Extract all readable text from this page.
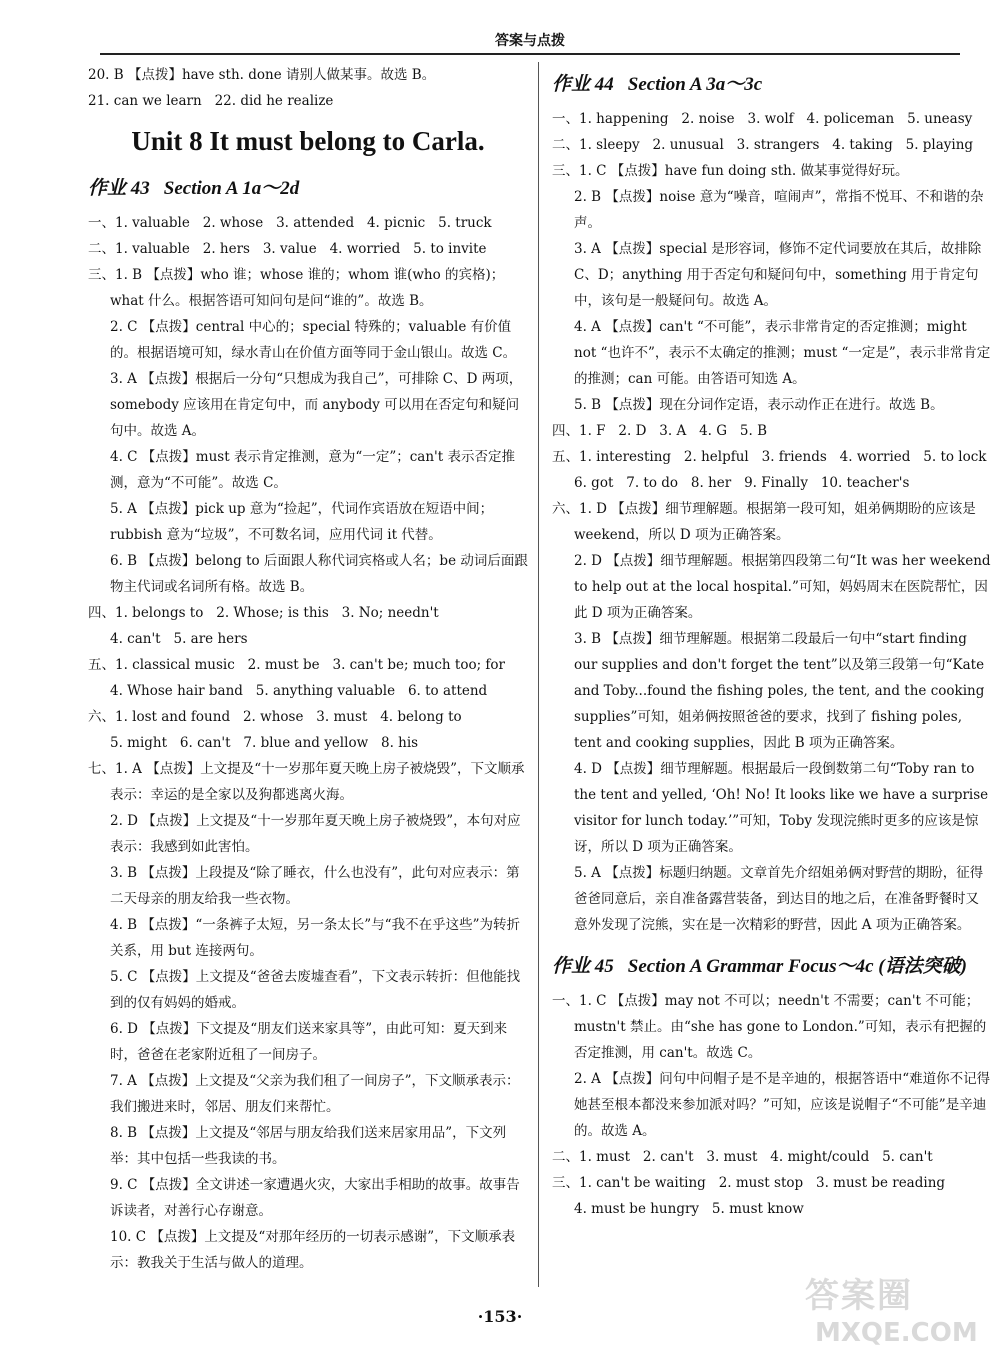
答案与点拨
20. B 【点拨】have sth. done 请别人做某事。故选 B。
21. can we learn   22. did he realize
Unit 8 It must belong to Carla.
作业 43 Section A 1a～2d
一、1. valuable   2. whose   3. attended   4. picnic   5. truck
二、1. valuable   2. hers   3. value   4. worried   5. to invite
三、1. B 【点拨】who 谁；whose 谁的；whom 谁(who 的宾格)；what 什么。根据答语可知问句是问“谁的”。故选 B。
2. C 【点拨】central 中心的；special 特殊的；valuable 有价值的。根据语境可知，绿水青山在价值方面等同于金山银山。故选 C。
3. A 【点拨】根据后一分句“只想成为我自己”，可排除 C、D 两项，somebody 应该用在肯定句中，而 anybody 可以用在否定句和疑问句中。故选 A。
4. C 【点拨】must 表示肯定推测，意为“一定”；can't 表示否定推测，意为“不可能”。故选 C。
5. A 【点拨】pick up 意为“捡起”，代词作宾语放在短语中间；rubbish 意为“垃圾”，不可数名词，应用代词 it 代替。
6. B 【点拨】belong to 后面跟人称代词宾格或人名；be 动词后面跟物主代词或名词所有格。故选 B。
四、1. belongs to   2. Whose; is this   3. No; needn't
4. can't   5. are hers
五、1. classical music   2. must be   3. can't be; much too; for
4. Whose hair band   5. anything valuable   6. to attend
六、1. lost and found   2. whose   3. must   4. belong to
5. might   6. can't   7. blue and yellow   8. his
七、1. A 【点拨】上文提及“十一岁那年夏天晚上房子被烧毁”，下文顺承表示：幸运的是全家以及狗都逃离火海。
2. D 【点拨】上文提及“十一岁那年夏天晚上房子被烧毁”，本句对应表示：我感到如此害怕。
3. B 【点拨】上段提及“除了睡衣，什么也没有”，此句对应表示：第二天母亲的朋友给我一些衣物。
4. B 【点拨】“一条裤子太短，另一条太长”与“我不在乎这些”为转折关系，用 but 连接两句。
5. C 【点拨】上文提及“爸爸去废墟查看”，下文表示转折：但他能找到的仅有妈妈的婚戒。
6. D 【点拨】下文提及“朋友们送来家具等”，由此可知：夏天到来时，爸爸在老家附近租了一间房子。
7. A 【点拨】上文提及“父亲为我们租了一间房子”，下文顺承表示：我们搬进来时，邻居、朋友们来帮忙。
8. B 【点拨】上文提及“邻居与朋友给我们送来居家用品”，下文列举：其中包括一些我读的书。
9. C 【点拨】全文讲述一家遭遇火灾，大家出手相助的故事。故事告诉读者，对善行心存谢意。
10. C 【点拨】上文提及“对那年经历的一切表示感谢”，下文顺承表示：教我关于生活与做人的道理。
作业 44 Section A 3a～3c
一、1. happening   2. noise   3. wolf   4. policeman   5. uneasy
二、1. sleepy   2. unusual   3. strangers   4. taking   5. playing
三、1. C 【点拨】have fun doing sth. 做某事觉得好玩。
2. B 【点拨】noise 意为“噪音，喧闹声”，常指不悦耳、不和谐的杂声。
3. A 【点拨】special 是形容词，修饰不定代词要放在其后，故排除 C、D；anything 用于否定句和疑问句中，something 用于肯定句中，该句是一般疑问句。故选 A。
4. A 【点拨】can't “不可能”，表示非常肯定的否定推测；might not “也许不”，表示不太确定的推测；must “一定是”，表示非常肯定的推测；can 可能。由答语可知选 A。
5. B 【点拨】现在分词作定语，表示动作正在进行。故选 B。
四、1. F   2. D   3. A   4. G   5. B
五、1. interesting   2. helpful   3. friends   4. worried   5. to lock
6. got   7. to do   8. her   9. Finally   10. teacher's
六、1. D 【点拨】细节理解题。根据第一段可知，姐弟俩期盼的应该是 weekend，所以 D 项为正确答案。
2. D 【点拨】细节理解题。根据第四段第二句“It was her weekend to help out at the local hospital.”可知，妈妈周末在医院帮忙，因此 D 项为正确答案。
3. B 【点拨】细节理解题。根据第二段最后一句中“start finding our supplies and don't forget the tent”以及第三段第一句“Kate and Toby...found the fishing poles, the tent, and the cooking supplies”可知，姐弟俩按照爸爸的要求，找到了 fishing poles, tent and cooking supplies，因此 B 项为正确答案。
4. D 【点拨】细节理解题。根据最后一段倒数第二句“Toby ran to the tent and yelled, ‘Oh! No! It looks like we have a surprise visitor for lunch today.’”可知，Toby 发现浣熊时更多的应该是惊讶，所以 D 项为正确答案。
5. A 【点拨】标题归纳题。文章首先介绍姐弟俩对野营的期盼，征得爸爸同意后，亲自准备露营装备，到达目的地之后，在准备野餐时又意外发现了浣熊，实在是一次精彩的野营，因此 A 项为正确答案。
作业 45 Section A Grammar Focus～4c (语法突破)
一、1. C 【点拨】may not 不可以；needn't 不需要；can't 不可能；mustn't 禁止。由“she has gone to London.”可知，表示有把握的否定推测，用 can't。故选 C。
2. A 【点拨】问句中问帽子是不是辛迪的，根据答语中“难道你不记得她甚至根本都没来参加派对吗？”可知，应该是说帽子“不可能”是辛迪的。故选 A。
二、1. must   2. can't   3. must   4. might/could   5. can't
三、1. can't be waiting   2. must stop   3. must be reading
4. must be hungry   5. must know
·153·
答案圈
MXQE.COM
